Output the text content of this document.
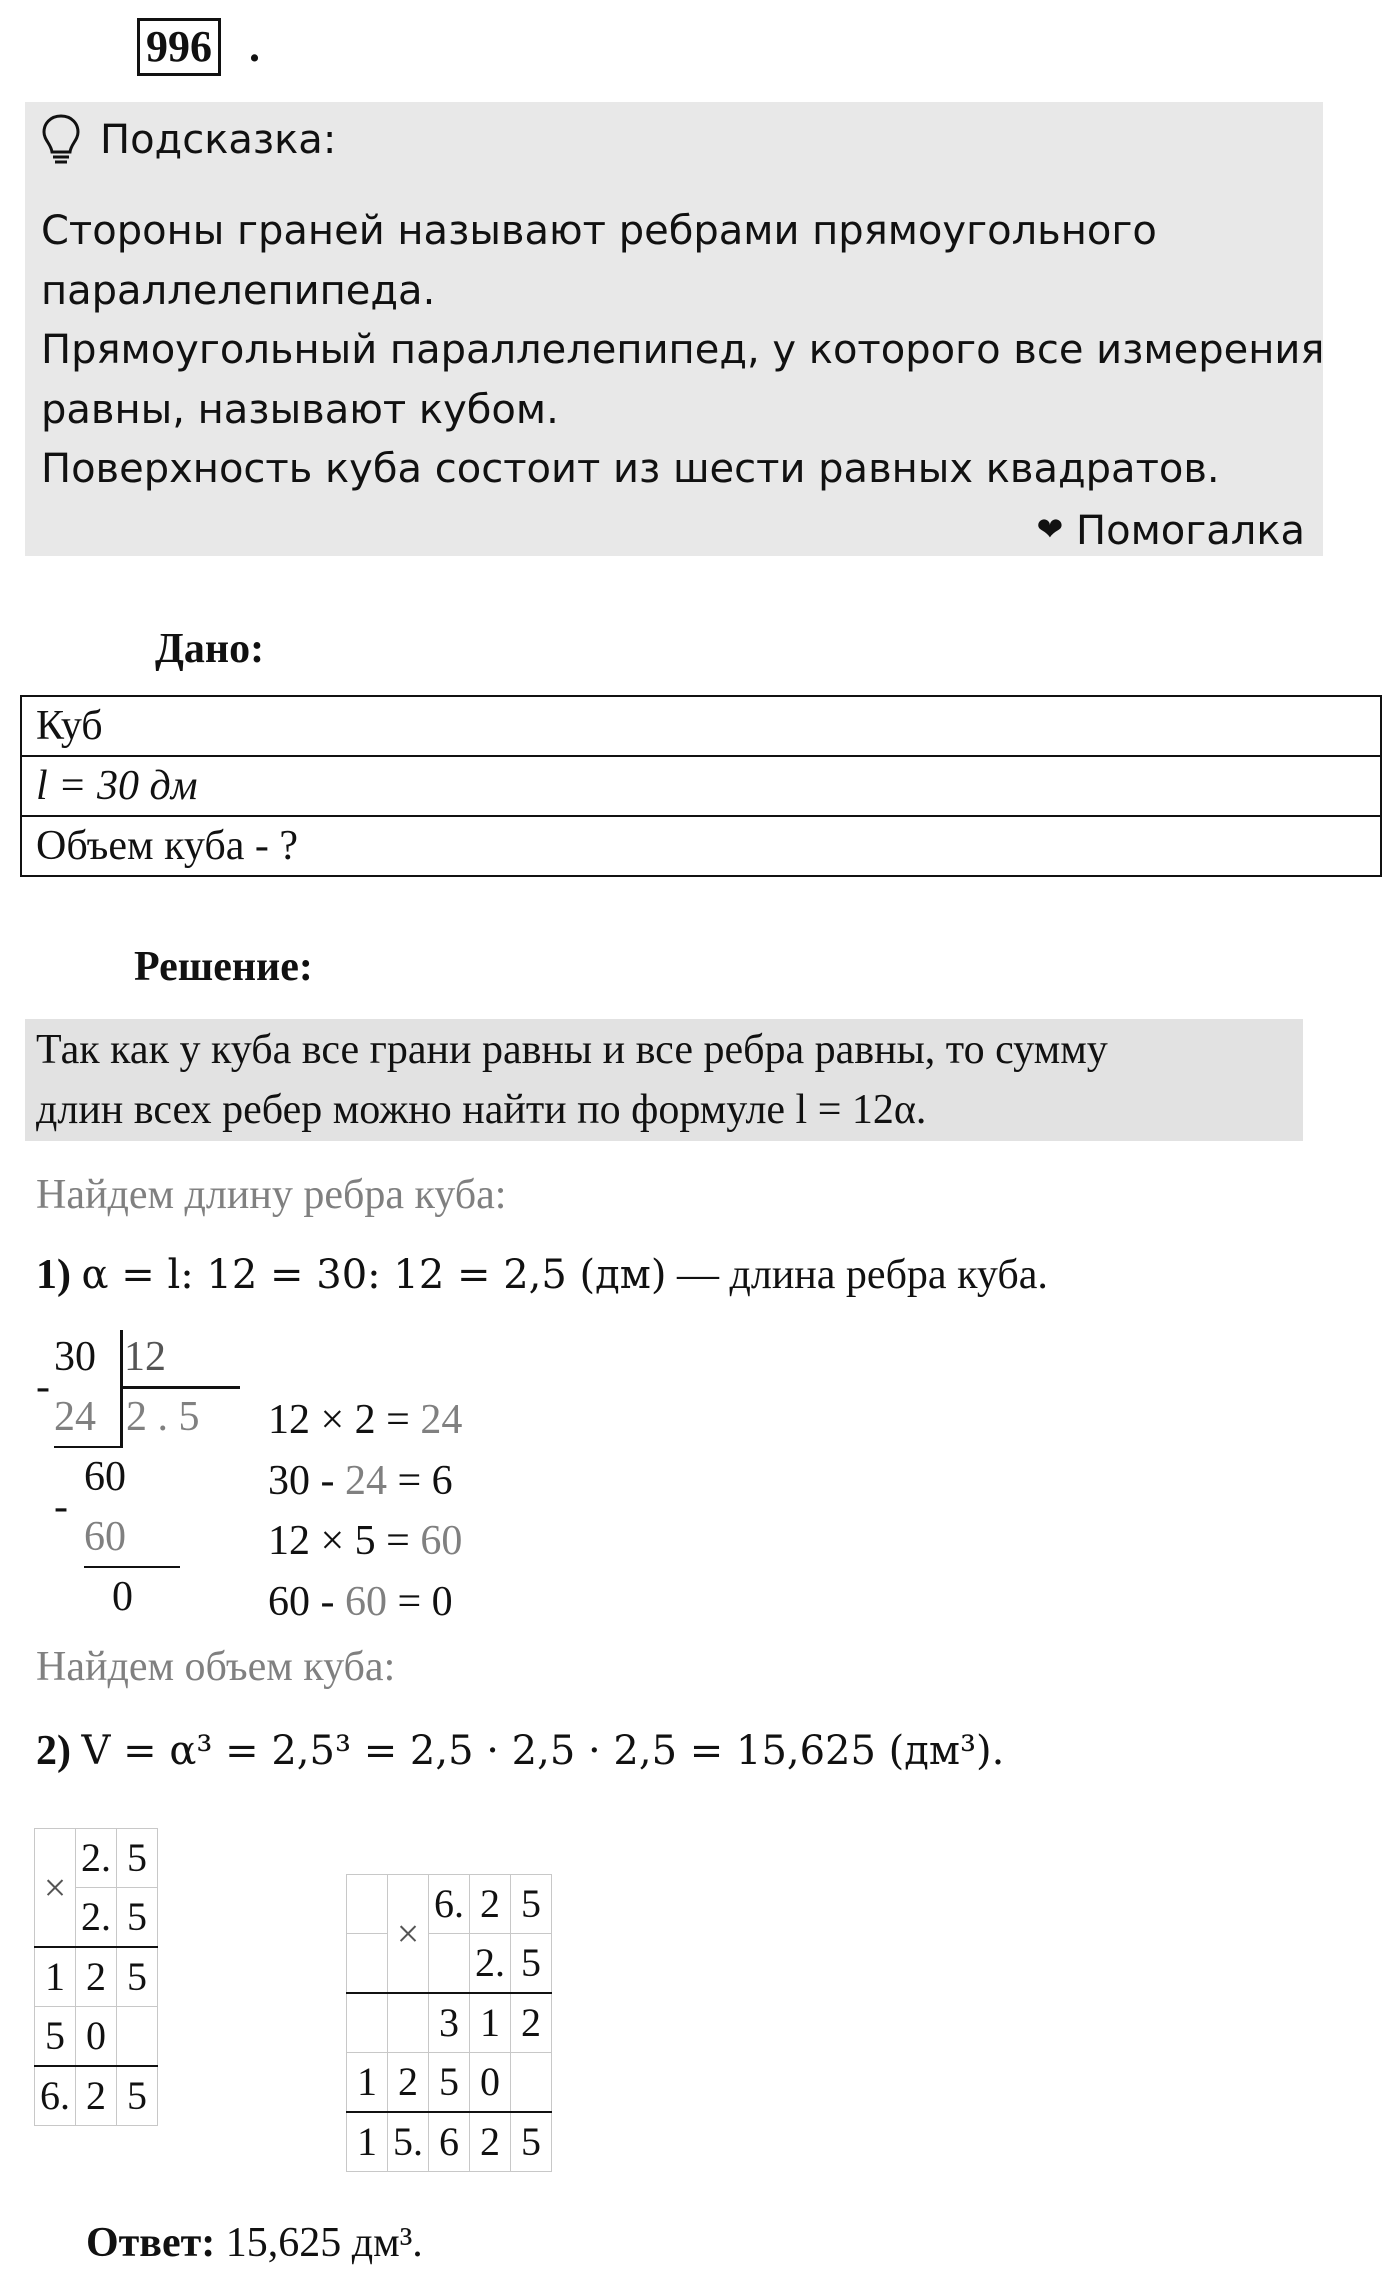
996 .
Подсказка:
Стороны граней называют ребрами прямоугольного
параллелепипеда.
Прямоугольный параллелепипед, у которого все измерения
равны, называют кубом.
Поверхность куба состоит из шести равных квадратов.
❤ Помогалка
Дано:
Куб
l = 30 дм
Объем куба - ?
Решение:
Так как у куба все грани равны и все ребра равны, то сумму
длин всех ребер можно найти по формуле l = 12α.
Найдем длину ребра куба:
1) α = l: 12 = 30: 12 = 2,5 (дм) — длина ребра куба.
30 12
-
24 2 . 5
60
-
60
0
12 × 2 = 24
30 - 24 = 6
12 × 5 = 60
60 - 60 = 0
Найдем объем куба:
2) V = α³ = 2,5³ = 2,5 · 2,5 · 2,5 = 15,625 (дм³).
×	2.	5
	2.	5
1	2	5
5	0	
6.	2	5
	×	6.	2	5
			2.	5
		3	1	2
1	2	5	0	
1	5.	6	2	5
Ответ: 15,625 дм³.
